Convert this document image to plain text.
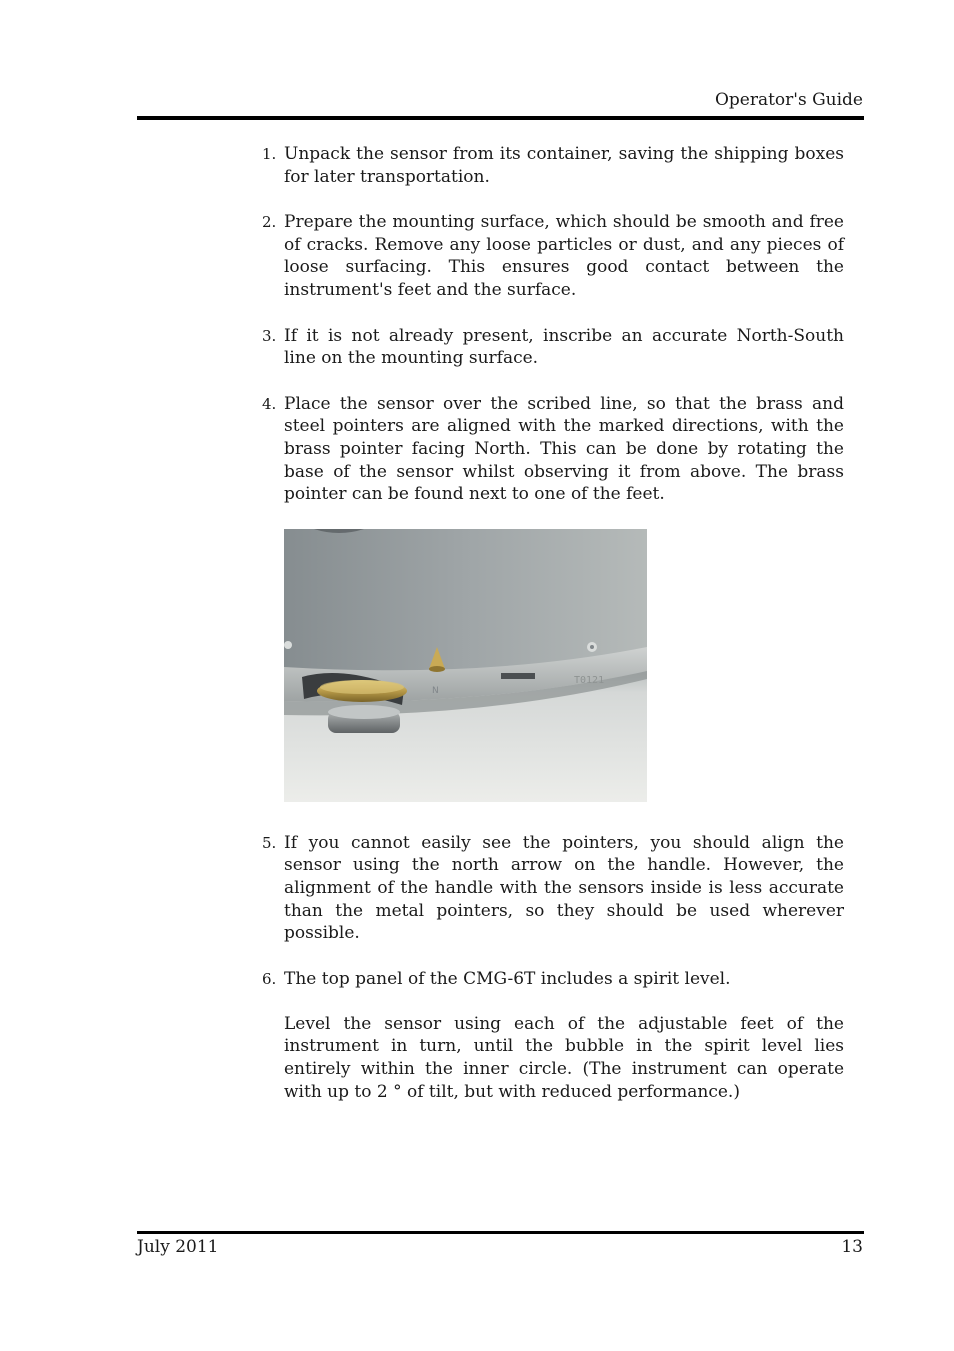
Operator's Guide
1. Unpack the sensor from its container, saving the shipping boxes for later transportation.

2. Prepare the mounting surface, which should be smooth and free of cracks. Remove any loose particles or dust, and any pieces of loose surfacing. This ensures good contact between the instrument's feet and the surface.

3. If it is not already present, inscribe an accurate North-South line on the mounting surface.

4. Place the sensor over the scribed line, so that the brass and steel pointers are aligned with the marked directions, with the brass pointer facing North. This can be done by rotating the base of the sensor whilst observing it from above. The brass pointer can be found next to one of the feet.

T0121
N
5. If you cannot easily see the pointers, you should align the sensor using the north arrow on the handle. However, the alignment of the handle with the sensors inside is less accurate than the metal pointers, so they should be used wherever possible.

6. The top panel of the CMG-6T includes a spirit level.

Level the sensor using each of the adjustable feet of the instrument in turn, until the bubble in the spirit level lies entirely within the inner circle. (The instrument can operate with up to 2 ° of tilt, but with reduced performance.)

July 2011	13
